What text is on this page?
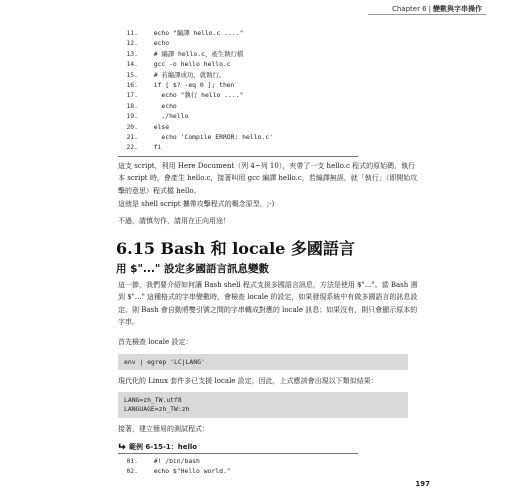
Chapter 6 | 變數與字串操作
11. echo "編譯 hello.c ...."
12. echo
13. # 編譯 hello.c，產生執行檔
14. gcc -o hello hello.c
15. # 若編譯成功，就執行。
16. if [ $? -eq 0 ]; then
17. echo "執行 hello ...."
18. echo
19. ./hello
20. else
21. echo 'Compile ERROR: hello.c'
22. fi
這支 script，利用 Here Document（列 4~列 10），夾帶了一支 hello.c 程式的原始碼，執行本 script 時，會產生 hello.c，接著叫用 gcc 編譯 hello.c，若編譯無誤，就「執行」（即開始攻擊的意思）程式檔 hello。
這就是 shell script 攜帶攻擊程式的概念原型，;-)
不過，請慎勿作，請用在正向用途！
6.15 Bash 和 locale 多國語言
用 $"..." 設定多國語言訊息變數
這一節，我們要介紹如何讓 Bash shell 程式支援多國語言訊息，方法是使用 $"..."。當 Bash 遇到 $"..." 這種格式的字串變數時，會檢查 locale 的設定，如果發現系統中有做多國語言的訊息設定，則 Bash 會自動將雙引號之間的字串轉成對應的 locale 訊息；如果沒有，則只會顯示原本的字串。
首先檢查 locale 設定：
env | egrep 'LC|LANG'
現代化的 Linux 套件多已支援 locale 設定，因此，上式應該會出現以下類似結果：
LANG=zh_TW.utf8
LANGUAGE=zh_TW:zh
接著，建立簡易的測試程式：
範例 6-15-1：hello
01. #! /bin/bash
02. echo $"Hello world."
197
